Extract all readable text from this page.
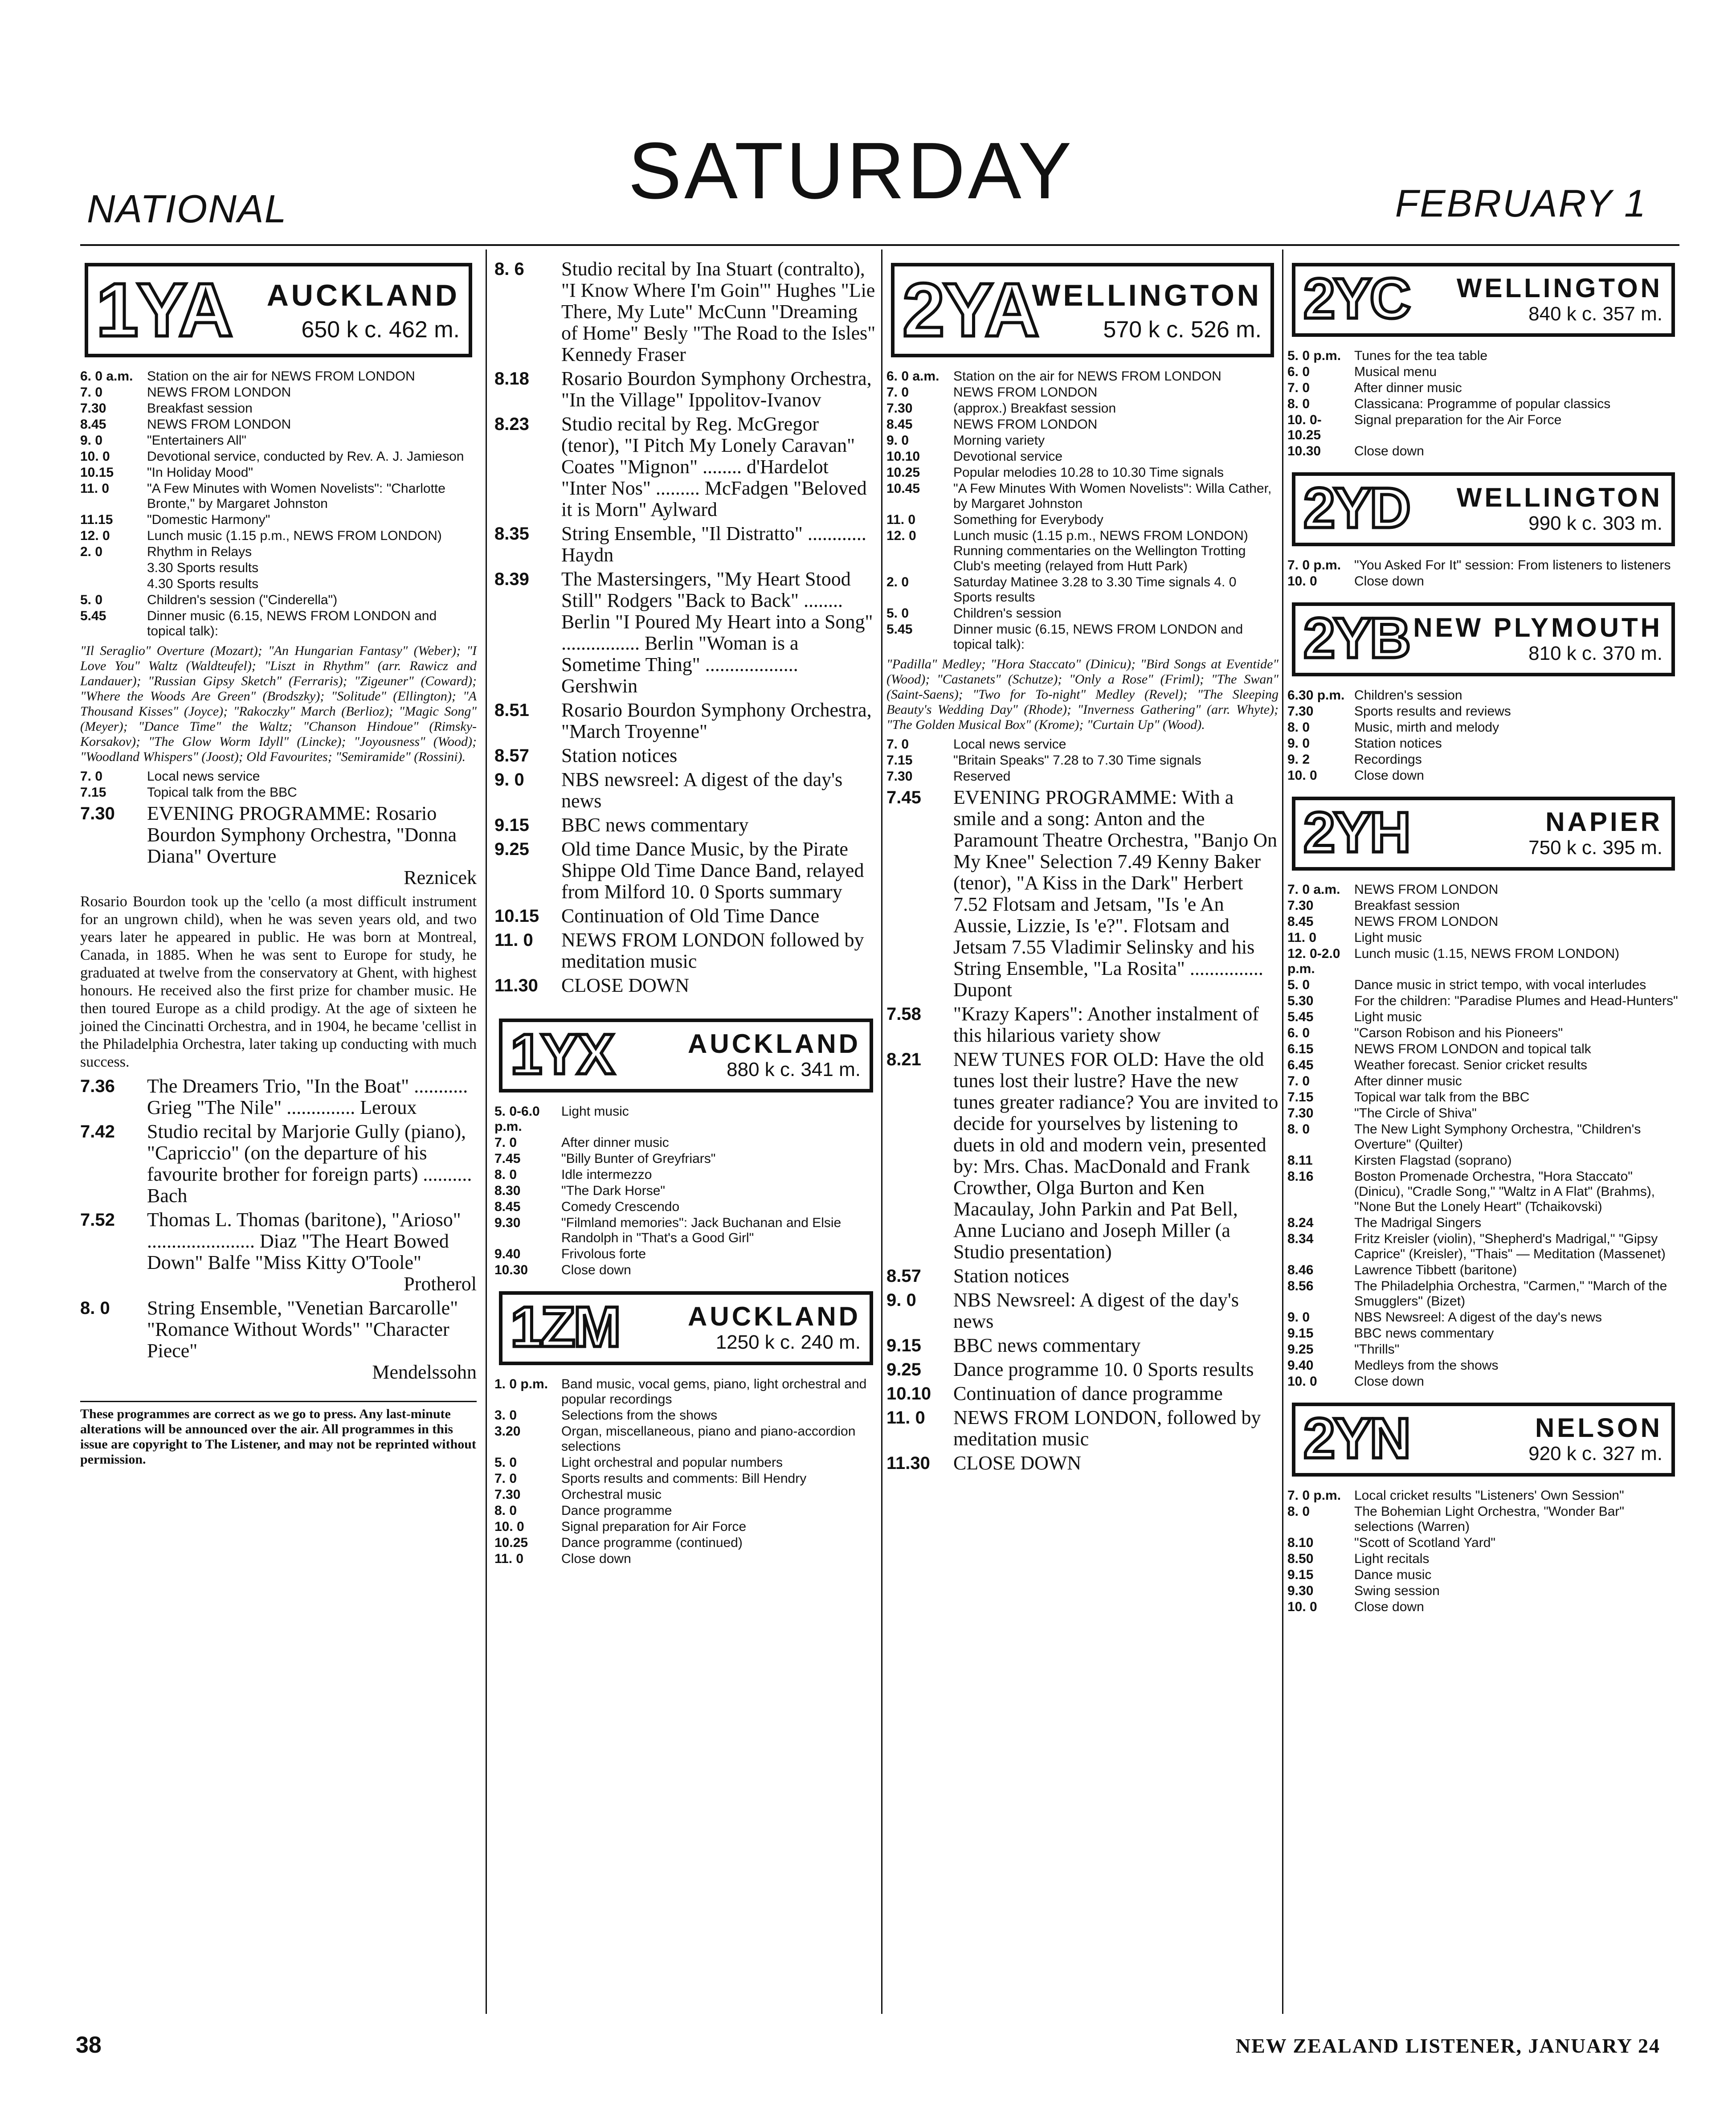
NATIONAL	SATURDAY	FEBRUARY 1
1YA AUCKLAND
650 k c. 462 m.
6. 0 a.m.	Station on the air for NEWS FROM LONDON
7. 0	NEWS FROM LONDON
7.30	Breakfast session
8.45	NEWS FROM LONDON
9. 0	"Entertainers All"
10. 0	Devotional service, conducted by Rev. A. J. Jamieson
10.15	"In Holiday Mood"
11. 0	"A Few Minutes with Women Novelists": "Charlotte Bronte," by Margaret Johnston
11.15	"Domestic Harmony"
12. 0	Lunch music (1.15 p.m., NEWS FROM LONDON)
2. 0	Rhythm in Relays
3.30 Sports results
4.30 Sports results
5. 0	Children's session ("Cinderella")
5.45	Dinner music (6.15, NEWS FROM LONDON and topical talk):
"Il Seraglio" Overture (Mozart); "An Hungarian Fantasy" (Weber); "I Love You" Waltz (Waldteufel); "Liszt in Rhythm" (arr. Rawicz and Landauer); "Russian Gipsy Sketch" (Ferraris); "Zigeuner" (Coward); "Where the Woods Are Green" (Brodszky); "Solitude" (Ellington); "A Thousand Kisses" (Joyce); "Rakoczky" March (Berlioz); "Magic Song" (Meyer); "Dance Time" the Waltz; "Chanson Hindoue" (Rimsky-Korsakov); "The Glow Worm Idyll" (Lincke); "Joyousness" (Wood); "Woodland Whispers" (Joost); Old Favourites; "Semiramide" (Rossini).
7. 0	Local news service
7.15	Topical talk from the BBC
7.30	EVENING PROGRAMME: Rosario Bourdon Symphony Orchestra, "Donna Diana" Overture
Reznicek
Rosario Bourdon took up the 'cello (a most difficult instrument for an ungrown child), when he was seven years old, and two years later he appeared in public. He was born at Montreal, Canada, in 1885. When he was sent to Europe for study, he graduated at twelve from the conservatory at Ghent, with highest honours. He received also the first prize for chamber music. He then toured Europe as a child prodigy. At the age of sixteen he joined the Cincinatti Orchestra, and in 1904, he became 'cellist in the Philadelphia Orchestra, later taking up conducting with much success.
7.36	The Dreamers Trio, "In the Boat" ........... Grieg "The Nile" .............. Leroux
7.42	Studio recital by Marjorie Gully (piano), "Capriccio" (on the departure of his favourite brother for foreign parts) .......... Bach
7.52	Thomas L. Thomas (baritone), "Arioso" ...................... Diaz "The Heart Bowed Down" Balfe "Miss Kitty O'Toole"
Protherol
8. 0	String Ensemble, "Venetian Barcarolle" "Romance Without Words" "Character Piece"
Mendelssohn
These programmes are correct as we go to press. Any last-minute alterations will be announced over the air. All programmes in this issue are copyright to The Listener, and may not be reprinted without permission.
8. 6	Studio recital by Ina Stuart (contralto), "I Know Where I'm Goin'" Hughes "Lie There, My Lute" McCunn "Dreaming of Home" Besly "The Road to the Isles" Kennedy Fraser
8.18	Rosario Bourdon Symphony Orchestra, "In the Village" Ippolitov-Ivanov
8.23	Studio recital by Reg. McGregor (tenor), "I Pitch My Lonely Caravan" Coates "Mignon" ........ d'Hardelot "Inter Nos" ......... McFadgen "Beloved it is Morn" Aylward
8.35	String Ensemble, "Il Distratto" ............ Haydn
8.39	The Mastersingers, "My Heart Stood Still" Rodgers "Back to Back" ........ Berlin "I Poured My Heart into a Song" ................ Berlin "Woman is a Sometime Thing" ................... Gershwin
8.51	Rosario Bourdon Symphony Orchestra, "March Troyenne"
8.57	Station notices
9. 0	NBS newsreel: A digest of the day's news
9.15	BBC news commentary
9.25	Old time Dance Music, by the Pirate Shippe Old Time Dance Band, relayed from Milford 10. 0 Sports summary
10.15	Continuation of Old Time Dance
11. 0	NEWS FROM LONDON followed by meditation music
11.30	CLOSE DOWN
1YX	AUCKLAND
880 k c. 341 m.
5. 0-6.0 p.m.
Light music
7. 0	After dinner music
7.45	"Billy Bunter of Greyfriars"
8. 0	Idle intermezzo
8.30	"The Dark Horse"
8.45	Comedy Crescendo
9.30	"Filmland memories": Jack Buchanan and Elsie Randolph in "That's a Good Girl"
9.40	Frivolous forte
10.30	Close down
1ZM	AUCKLAND
1250 k c. 240 m.
1. 0 p.m. Band music, vocal gems, piano, light orchestral and popular recordings
3. 0	Selections from the shows
3.20	Organ, miscellaneous, piano and piano-accordion selections
5. 0	Light orchestral and popular numbers
7. 0	Sports results and comments: Bill Hendry
7.30	Orchestral music
8. 0	Dance programme
10. 0	Signal preparation for Air Force
10.25	Dance programme (continued)
11. 0	Close down
2YA
WELLINGTON
570 k c. 526 m.
6. 0 a.m.	Station on the air for NEWS FROM LONDON
7. 0	NEWS FROM LONDON
7.30	(approx.) Breakfast session
8.45	NEWS FROM LONDON
9. 0	Morning variety
10.10	Devotional service
10.25	Popular melodies 10.28 to 10.30 Time signals
10.45	"A Few Minutes With Women Novelists": Willa Cather, by Margaret Johnston
11. 0	Something for Everybody
12. 0	Lunch music (1.15 p.m., NEWS FROM LONDON) Running commentaries on the Wellington Trotting Club's meeting (relayed from Hutt Park)
2. 0	Saturday Matinee 3.28 to 3.30 Time signals 4. 0 Sports results
5. 0	Children's session
5.45	Dinner music (6.15, NEWS FROM LONDON and topical talk):
"Padilla" Medley; "Hora Staccato" (Dinicu); "Bird Songs at Eventide" (Wood); "Castanets" (Schutze); "Only a Rose" (Friml); "The Swan" (Saint-Saens); "Two for To-night" Medley (Revel); "The Sleeping Beauty's Wedding Day" (Rhode); "Inverness Gathering" (arr. Whyte); "The Golden Musical Box" (Krome); "Curtain Up" (Wood).
7. 0	Local news service
7.15	"Britain Speaks" 7.28 to 7.30 Time signals
7.30	Reserved
7.45	EVENING PROGRAMME: With a smile and a song: Anton and the Paramount Theatre Orchestra, "Banjo On My Knee" Selection 7.49 Kenny Baker (tenor), "A Kiss in the Dark" Herbert 7.52 Flotsam and Jetsam, "Is 'e An Aussie, Lizzie, Is 'e?". Flotsam and Jetsam 7.55 Vladimir Selinsky and his String Ensemble, "La Rosita" ............... Dupont
7.58	"Krazy Kapers": Another instalment of this hilarious variety show
8.21	NEW TUNES FOR OLD: Have the old tunes lost their lustre? Have the new tunes greater radiance? You are invited to decide for yourselves by listening to duets in old and modern vein, presented by: Mrs. Chas. MacDonald and Frank Crowther, Olga Burton and Ken Macaulay, John Parkin and Pat Bell, Anne Luciano and Joseph Miller (a Studio presentation)
8.57	Station notices
9. 0	NBS Newsreel: A digest of the day's news
9.15	BBC news commentary
9.25	Dance programme 10. 0 Sports results
10.10	Continuation of dance programme
11. 0	NEWS FROM LONDON, followed by meditation music
11.30	CLOSE DOWN
2YC WELLINGTON
840 k c. 357 m.
5. 0 p.m. Tunes for the tea table
6. 0	Musical menu
7. 0	After dinner music
8. 0	Classicana: Programme of popular classics
10. 0-10.25
Signal preparation for the Air Force
10.30	Close down
2YD WELLINGTON
990 k c. 303 m.
7. 0 p.m. "You Asked For It" session: From listeners to listeners
10. 0	Close down
2YB NEW PLYMOUTH
810 k c. 370 m.
6.30 p.m. Children's session
7.30	Sports results and reviews
8. 0	Music, mirth and melody
9. 0	Station notices
9. 2	Recordings
10. 0	Close down
2YH	NAPIER
750 k c. 395 m.
7. 0 a.m.	NEWS FROM LONDON
7.30	Breakfast session
8.45	NEWS FROM LONDON
11. 0	Light music
12. 0-2.0 p.m.
Lunch music (1.15, NEWS FROM LONDON)
5. 0	Dance music in strict tempo, with vocal interludes
5.30	For the children: "Paradise Plumes and Head-Hunters"
5.45	Light music
6. 0	"Carson Robison and his Pioneers"
6.15	NEWS FROM LONDON and topical talk
6.45	Weather forecast. Senior cricket results
7. 0	After dinner music
7.15	Topical war talk from the BBC
7.30	"The Circle of Shiva"
8. 0	The New Light Symphony Orchestra, "Children's Overture" (Quilter)
8.11	Kirsten Flagstad (soprano)
8.16	Boston Promenade Orchestra, "Hora Staccato" (Dinicu), "Cradle Song," "Waltz in A Flat" (Brahms), "None But the Lonely Heart" (Tchaikovski)
8.24	The Madrigal Singers
8.34	Fritz Kreisler (violin), "Shepherd's Madrigal," "Gipsy Caprice" (Kreisler), "Thais" — Meditation (Massenet)
8.46	Lawrence Tibbett (baritone)
8.56	The Philadelphia Orchestra, "Carmen," "March of the Smugglers" (Bizet)
9. 0	NBS Newsreel: A digest of the day's news
9.15	BBC news commentary
9.25	"Thrills"
9.40	Medleys from the shows
10. 0	Close down
2YN	NELSON
920 k c. 327 m.
7. 0 p.m. Local cricket results "Listeners' Own Session"
8. 0	The Bohemian Light Orchestra, "Wonder Bar" selections (Warren)
8.10	"Scott of Scotland Yard"
8.50	Light recitals
9.15	Dance music
9.30	Swing session
10. 0	Close down
38	NEW ZEALAND LISTENER, JANUARY 24
